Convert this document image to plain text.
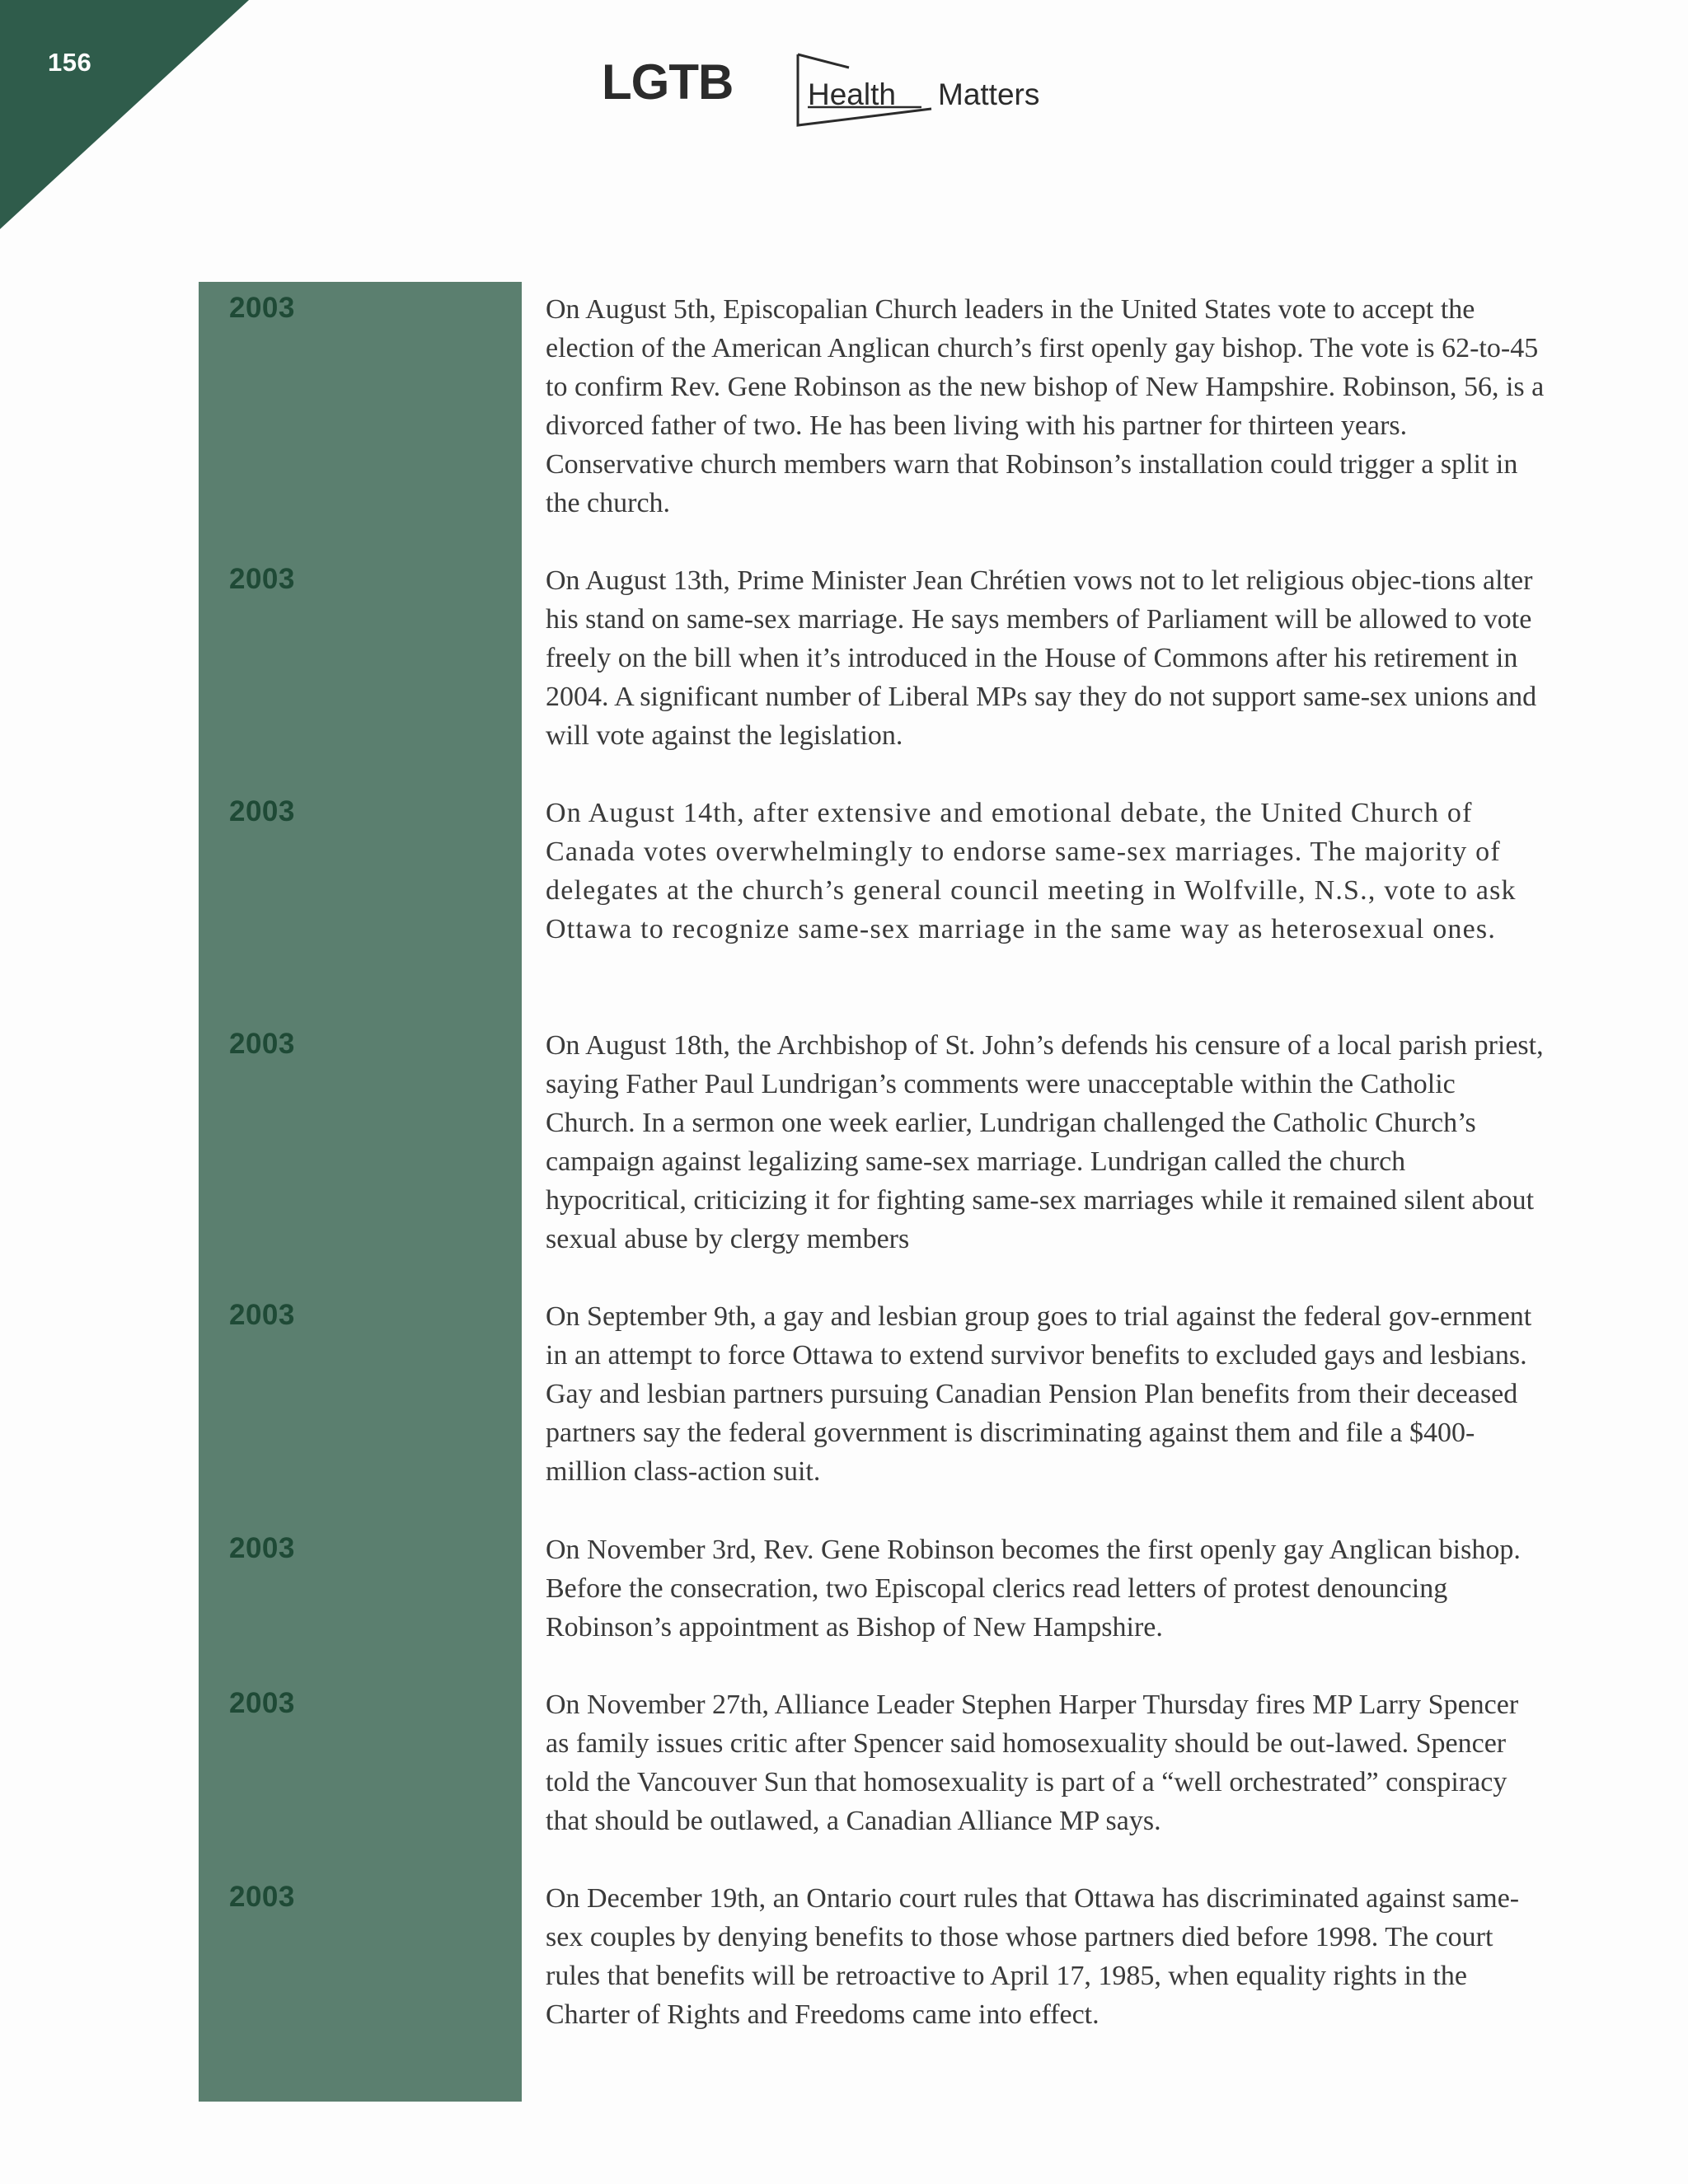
156	LGTB Health Matters
2003	On August 5th, Episcopalian Church leaders in the United States vote to accept the election of the American Anglican church’s first openly gay bishop. The vote is 62-to-45 to confirm Rev. Gene Robinson as the new bishop of New Hampshire. Robinson, 56, is a divorced father of two. He has been living with his partner for thirteen years. Conservative church members warn that Robinson’s installation could trigger a split in the church.

2003	On August 13th, Prime Minister Jean Chrétien vows not to let religious objec-tions alter his stand on same-sex marriage. He says members of Parliament will be allowed to vote freely on the bill when it’s introduced in the House of Commons after his retirement in 2004. A significant number of Liberal MPs say they do not support same-sex unions and will vote against the legislation.

2003	On August 14th, after extensive and emotional debate, the United Church of Canada votes overwhelmingly to endorse same-sex marriages. The majority of delegates at the church’s general council meeting in Wolfville, N.S., vote to ask Ottawa to recognize same-sex marriage in the same way as heterosexual ones.

2003	On August 18th, the Archbishop of St. John’s defends his censure of a local parish priest, saying Father Paul Lundrigan’s comments were unacceptable within the Catholic Church. In a sermon one week earlier, Lundrigan challenged the Catholic Church’s campaign against legalizing same-sex marriage. Lundrigan called the church hypocritical, criticizing it for fighting same-sex marriages while it remained silent about sexual abuse by clergy members

2003	On September 9th, a gay and lesbian group goes to trial against the federal gov-ernment in an attempt to force Ottawa to extend survivor benefits to excluded gays and lesbians. Gay and lesbian partners pursuing Canadian Pension Plan benefits from their deceased partners say the federal government is discriminating against them and file a $400-million class-action suit.

2003	On November 3rd, Rev. Gene Robinson becomes the first openly gay Anglican bishop. Before the consecration, two Episcopal clerics read letters of protest denouncing Robinson’s appointment as Bishop of New Hampshire.

2003	On November 27th, Alliance Leader Stephen Harper Thursday fires MP Larry Spencer as family issues critic after Spencer said homosexuality should be out-lawed. Spencer told the Vancouver Sun that homosexuality is part of a “well orchestrated” conspiracy that should be outlawed, a Canadian Alliance MP says.

2003	On December 19th, an Ontario court rules that Ottawa has discriminated against same-sex couples by denying benefits to those whose partners died before 1998. The court rules that benefits will be retroactive to April 17, 1985, when equality rights in the Charter of Rights and Freedoms came into effect.
